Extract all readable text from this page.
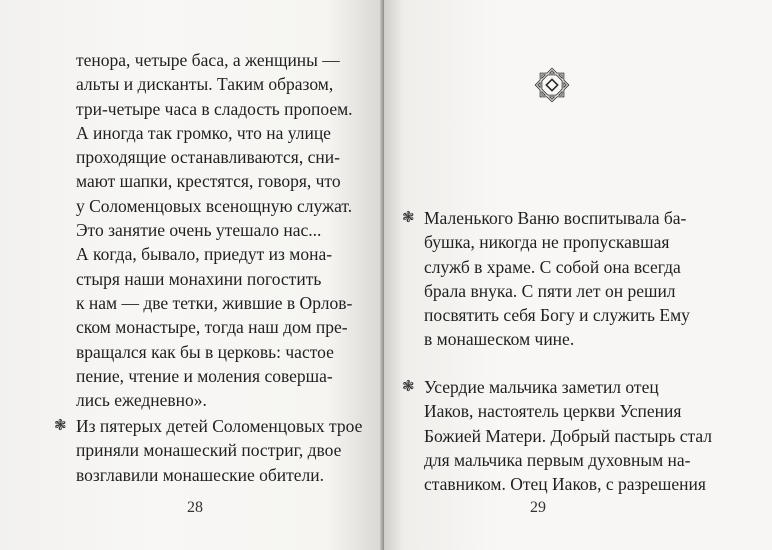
тенора, четыре баса, а женщины —
альты и дисканты. Таким образом,
три-четыре часа в сладость пропоем.
А иногда так громко, что на улице
проходящие останавливаются, сни-
мают шапки, крестятся, говоря, что
у Соломенцовых всенощную служат.
Это занятие очень утешало нас...
А когда, бывало, приедут из мона-
стыря наши монахини погостить
к нам — две тетки, жившие в Орлов-
ском монастыре, тогда наш дом пре-
вращался как бы в церковь: частое
пение, чтение и моления соверша-
лись ежедневно».
❃ Из пятерых детей Соломенцовых трое
приняли монашеский постриг, двое
возглавили монашеские обители.
28
❃ Маленького Ваню воспитывала ба-
бушка, никогда не пропускавшая
служб в храме. С собой она всегда
брала внука. С пяти лет он решил
посвятить себя Богу и служить Ему
в монашеском чине.
❃ Усердие мальчика заметил отец
Иаков, настоятель церкви Успения
Божией Матери. Добрый пастырь стал
для мальчика первым духовным на-
ставником. Отец Иаков, с разрешения
29
